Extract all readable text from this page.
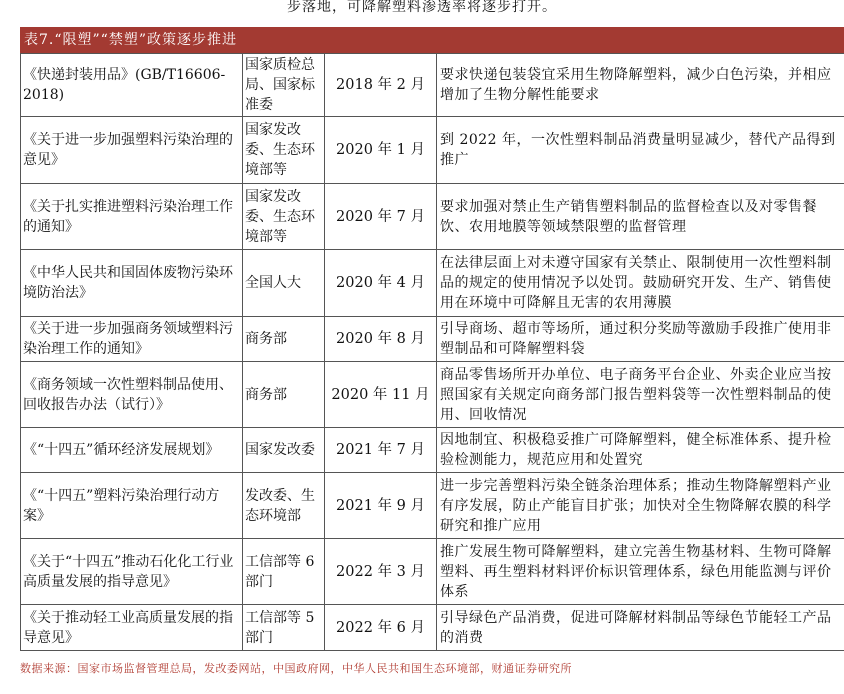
步落地，可降解塑料渗透率将逐步打开。
表7.“限塑”“禁塑”政策逐步推进
《快递封装用品》(GB/T16606-2018)	国家质检总局、国家标准委	2018 年 2 月	要求快递包装袋宜采用生物降解塑料，减少白色污染，并相应增加了生物分解性能要求
《关于进一步加强塑料污染治理的意见》	国家发改委、生态环境部等	2020 年 1 月	到 2022 年，一次性塑料制品消费量明显减少，替代产品得到推广
《关于扎实推进塑料污染治理工作的通知》	国家发改委、生态环境部等	2020 年 7 月	要求加强对禁止生产销售塑料制品的监督检查以及对零售餐饮、农用地膜等领域禁限塑的监督管理
《中华人民共和国固体废物污染环境防治法》	全国人大	2020 年 4 月	在法律层面上对未遵守国家有关禁止、限制使用一次性塑料制品的规定的使用情况予以处罚。鼓励研究开发、生产、销售使用在环境中可降解且无害的农用薄膜
《关于进一步加强商务领域塑料污染治理工作的通知》	商务部	2020 年 8 月	引导商场、超市等场所，通过积分奖励等激励手段推广使用非塑制品和可降解塑料袋
《商务领域一次性塑料制品使用、回收报告办法（试行）》	商务部	2020 年 11 月	商品零售场所开办单位、电子商务平台企业、外卖企业应当按照国家有关规定向商务部门报告塑料袋等一次性塑料制品的使用、回收情况
《“十四五”循环经济发展规划》	国家发改委	2021 年 7 月	因地制宜、积极稳妥推广可降解塑料，健全标准体系、提升检验检测能力，规范应用和处置究
《“十四五”塑料污染治理行动方案》	发改委、生态环境部	2021 年 9 月	进一步完善塑料污染全链条治理体系；推动生物降解塑料产业有序发展，防止产能盲目扩张；加快对全生物降解农膜的科学研究和推广应用
《关于“十四五”推动石化化工行业高质量发展的指导意见》	工信部等 6 部门	2022 年 3 月	推广发展生物可降解塑料，建立完善生物基材料、生物可降解塑料、再生塑料材料评价标识管理体系，绿色用能监测与评价体系
《关于推动轻工业高质量发展的指导意见》	工信部等 5 部门	2022 年 6 月	引导绿色产品消费，促进可降解材料制品等绿色节能轻工产品的消费
数据来源：国家市场监督管理总局，发改委网站，中国政府网，中华人民共和国生态环境部，财通证券研究所
